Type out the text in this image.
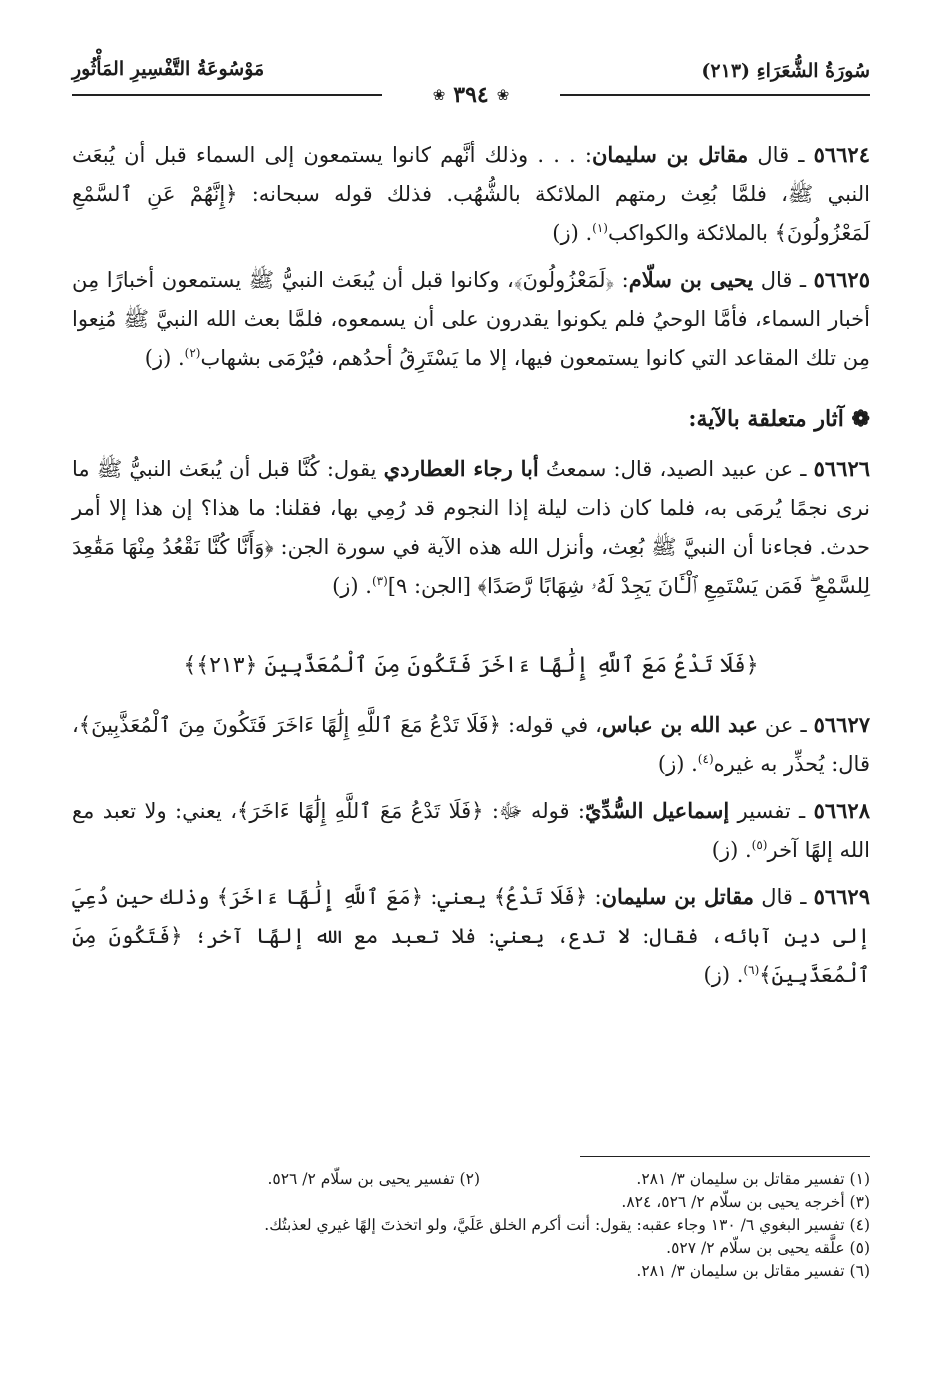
سُورَةُ الشُّعَرَاءِ (٢١٣)
مَوْسُوعَةُ التَّفْسِيرِ المَأْثُورِ
❀
٣٩٤
❀

٥٦٦٢٤ ـ قال مقاتل بن سليمان: . . . وذلك أنَّهم كانوا يستمعون إلى السماء قبل أن يُبعَث النبي ﷺ، فلمَّا بُعِث رمتهم الملائكة بالشُّهُب. فذلك قوله سبحانه: ﴿إِنَّهُمْ عَنِ ٱلسَّمْعِ لَمَعْزُولُونَ﴾ بالملائكة والكواكب$^{(١)}$. (ز)

٥٦٦٢٥ ـ قال يحيى بن سلّام: ﴿لَمَعْزُولُونَ﴾، وكانوا قبل أن يُبعَث النبيُّ ﷺ يستمعون أخبارًا مِن أخبار السماء، فأمَّا الوحيُ فلم يكونوا يقدرون على أن يسمعوه، فلمَّا بعث الله النبيَّ ﷺ مُنِعوا مِن تلك المقاعد التي كانوا يستمعون فيها، إلا ما يَسْتَرِقُ أحدُهم، فيُرْمَى بشهاب$^{(٢)}$. (ز)

❁ آثار متعلقة بالآية:

٥٦٦٢٦ ـ عن عبيد الصيد، قال: سمعتُ أبا رجاء العطاردي يقول: كُنَّا قبل أن يُبعَث النبيُّ ﷺ ما نرى نجمًا يُرمَى به، فلما كان ذات ليلة إذا النجوم قد رُمِي بها، فقلنا: ما هذا؟ إن هذا إلا أمر حدث. فجاءنا أن النبيَّ ﷺ بُعِث، وأنزل الله هذه الآية في سورة الجن: ﴿وَأَنَّا كُنَّا نَقْعُدُ مِنْهَا مَقَٰعِدَ لِلسَّمْعِ ۖ فَمَن يَسْتَمِعِ ٱلْـَٔانَ يَجِدْ لَهُۥ شِهَابًا رَّصَدًا﴾ [الجن: ٩]$^{(٣)}$. (ز)

﴿فَلَا تَدْعُ مَعَ ٱللَّهِ إِلَٰهًا ءَاخَرَ فَتَكُونَ مِنَ ٱلْمُعَذَّبِينَ ﴿٢١٣﴾﴾

٥٦٦٢٧ ـ عن عبد الله بن عباس، في قوله: ﴿فَلَا تَدْعُ مَعَ ٱللَّهِ إِلَٰهًا ءَاخَرَ فَتَكُونَ مِنَ ٱلْمُعَذَّبِينَ﴾، قال: يُحذِّر به غيره$^{(٤)}$. (ز)

٥٦٦٢٨ ـ تفسير إسماعيل السُّدِّيّ: قوله ﷻ: ﴿فَلَا تَدْعُ مَعَ ٱللَّهِ إِلَٰهًا ءَاخَرَ﴾، يعني: ولا تعبد مع الله إلهًا آخر$^{(٥)}$. (ز)

٥٦٦٢٩ ـ قال مقاتل بن سليمان: ﴿فَلَا تَدْعُ﴾ يعني: ﴿مَعَ ٱللَّهِ إِلَٰهًا ءَاخَرَ﴾ وذلك حين دُعِيَ إلى دين آبائه، فقال: لا تدع، يعني: فلا تعبد مع الله إلهًا آخر؛ ﴿فَتَكُونَ مِنَ ٱلْمُعَذَّبِينَ﴾$^{(٦)}$. (ز)

(١) تفسير مقاتل بن سليمان ٣/ ٢٨١.
(٢) تفسير يحيى بن سلّام ٢/ ٥٢٦.
(٣) أخرجه يحيى بن سلّام ٢/ ٥٢٦، ٨٢٤.
(٤) تفسير البغوي ٦/ ١٣٠ وجاء عقبه: يقول: أنت أكرم الخلق عَلَيَّ، ولو اتخذتَ إلهًا غيري لعذبتُك.
(٥) علَّقه يحيى بن سلّام ٢/ ٥٢٧.
(٦) تفسير مقاتل بن سليمان ٣/ ٢٨١.
